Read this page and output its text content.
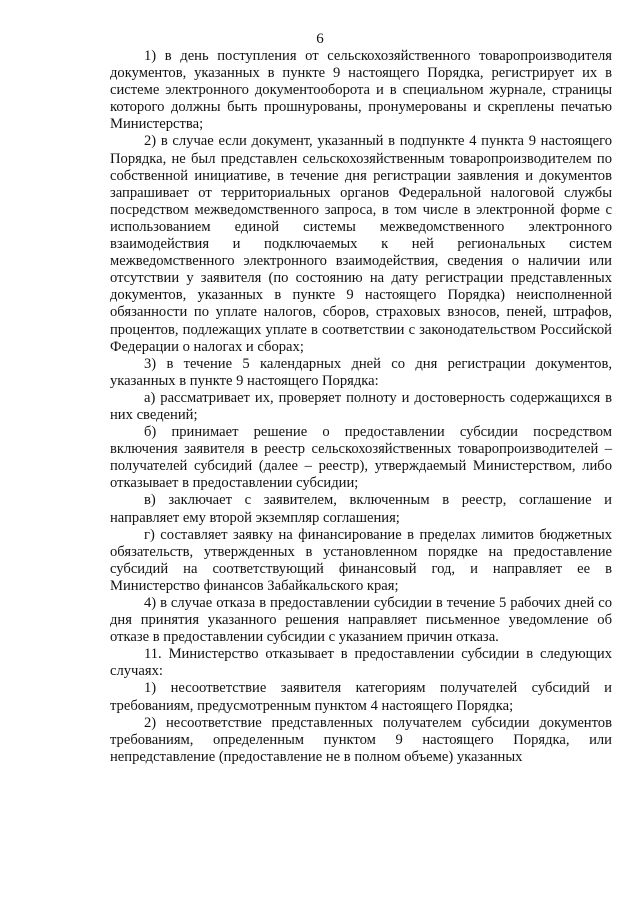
6

1) в день поступления от сельскохозяйственного товаропроизводителя документов, указанных в пункте 9 настоящего Порядка, регистрирует их в системе электронного документооборота и в специальном журнале, страницы которого должны быть прошнурованы, пронумерованы и скреплены печатью Министерства;

2) в случае если документ, указанный в подпункте 4 пункта 9 настоящего Порядка, не был представлен сельскохозяйственным товаропроизводителем по собственной инициативе, в течение дня регистрации заявления и документов запрашивает от территориальных органов Федеральной налоговой службы посредством межведомственного запроса, в том числе в электронной форме с использованием единой системы межведомственного электронного взаимодействия и подключаемых к ней региональных систем межведомственного электронного взаимодействия, сведения о наличии или отсутствии у заявителя (по состоянию на дату регистрации представленных документов, указанных в пункте 9 настоящего Порядка) неисполненной обязанности по уплате налогов, сборов, страховых взносов, пеней, штрафов, процентов, подлежащих уплате в соответствии с законодательством Российской Федерации о налогах и сборах;

3) в течение 5 календарных дней со дня регистрации документов, указанных в пункте 9 настоящего Порядка:

а) рассматривает их, проверяет полноту и достоверность содержащихся в них сведений;

б) принимает решение о предоставлении субсидии посредством включения заявителя в реестр сельскохозяйственных товаропроизводителей – получателей субсидий (далее – реестр), утверждаемый Министерством, либо отказывает в предоставлении субсидии;

в) заключает с заявителем, включенным в реестр, соглашение и направляет ему второй экземпляр соглашения;

г) составляет заявку на финансирование в пределах лимитов бюджетных обязательств, утвержденных в установленном порядке на предоставление субсидий на соответствующий финансовый год, и направляет ее в Министерство финансов Забайкальского края;

4) в случае отказа в предоставлении субсидии в течение 5 рабочих дней со дня принятия указанного решения направляет письменное уведомление об отказе в предоставлении субсидии с указанием причин отказа.

11. Министерство отказывает в предоставлении субсидии в следующих случаях:

1) несоответствие заявителя категориям получателей субсидий и требованиям, предусмотренным пунктом 4 настоящего Порядка;

2) несоответствие представленных получателем субсидии документов требованиям, определенным пунктом 9 настоящего Порядка, или непредставление (предоставление не в полном объеме) указанных
